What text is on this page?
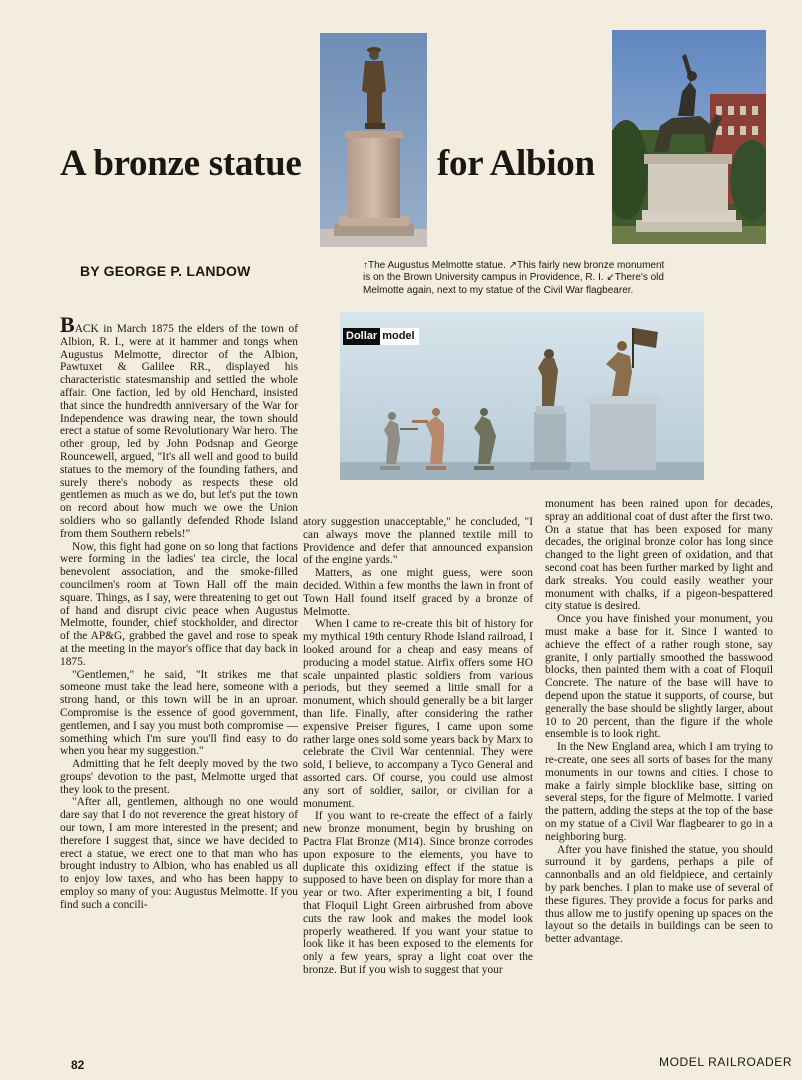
A bronze statue	for Albion

BY GEORGE P. LANDOW	↑The Augustus Melmotte statue. ↗This fairly new bronze monument

is on the Brown University campus in Providence, R. I. ↙There's old

Melmotte again, next to my statue of the Civil War flagbearer.

Dollar model

BACK in March 1875 the elders of the town of Albion, R. I., were at it hammer and tongs when Augustus Melmotte, director of the Albion, Pawtuxet & Galilee RR., displayed his characteristic statesmanship and settled the whole affair. One faction, led by old Henchard, insisted that since the hundredth anniversary of the War for Independence was drawing near, the town should erect a statue of some Revolutionary War hero. The other group, led by John Podsnap and George Rouncewell, argued, "It's all well and good to build statues to the memory of the founding fathers, and surely there's nobody as respects these old gentlemen as much as we do, but let's put the town on record about how much we owe the Union soldiers who so gallantly defended Rhode Island from them Southern rebels!"

Now, this fight had gone on so long that factions were forming in the ladies' tea circle, the local benevolent association, and the smoke-filled councilmen's room at Town Hall off the main square. Things, as I say, were threatening to get out of hand and disrupt civic peace when Augustus Melmotte, founder, chief stockholder, and director of the AP&G, grabbed the gavel and rose to speak at the meeting in the mayor's office that day back in 1875.

"Gentlemen," he said, "It strikes me that someone must take the lead here, someone with a strong hand, or this town will be in an uproar. Compromise is the essence of good government, gentlemen, and I say you must both compromise — something which I'm sure you'll find easy to do when you hear my suggestion."

Admitting that he felt deeply moved by the two groups' devotion to the past, Melmotte urged that they look to the present.

"After all, gentlemen, although no one would dare say that I do not reverence the great history of our town, I am more interested in the present; and therefore I suggest that, since we have decided to erect a statue, we erect one to that man who has brought industry to Albion, who has enabled us all to enjoy low taxes, and who has been happy to employ so many of you: Augustus Melmotte. If you find such a concili-

atory suggestion unacceptable," he concluded, "I can always move the planned textile mill to Providence and defer that announced expansion of the engine yards."

Matters, as one might guess, were soon decided. Within a few months the lawn in front of Town Hall found itself graced by a bronze of Melmotte.

When I came to re-create this bit of history for my mythical 19th century Rhode Island railroad, I looked around for a cheap and easy means of producing a model statue. Airfix offers some HO scale unpainted plastic soldiers from various periods, but they seemed a little small for a monument, which should generally be a bit larger than life. Finally, after considering the rather expensive Preiser figures, I came upon some rather large ones sold some years back by Marx to celebrate the Civil War centennial. They were sold, I believe, to accompany a Tyco General and assorted cars. Of course, you could use almost any sort of soldier, sailor, or civilian for a monument.

If you want to re-create the effect of a fairly new bronze monument, begin by brushing on Pactra Flat Bronze (M14). Since bronze corrodes upon exposure to the elements, you have to duplicate this oxidizing effect if the statue is supposed to have been on display for more than a year or two. After experimenting a bit, I found that Floquil Light Green airbrushed from above cuts the raw look and makes the model look properly weathered. If you want your statue to look like it has been exposed to the elements for only a few years, spray a light coat over the bronze. But if you wish to suggest that your

monument has been rained upon for decades, spray an additional coat of dust after the first two. On a statue that has been exposed for many decades, the original bronze color has long since changed to the light green of oxidation, and that second coat has been further marked by light and dark streaks. You could easily weather your monument with chalks, if a pigeon-bespattered city statue is desired.

Once you have finished your monument, you must make a base for it. Since I wanted to achieve the effect of a rather rough stone, say granite, I only partially smoothed the basswood blocks, then painted them with a coat of Floquil Concrete. The nature of the base will have to depend upon the statue it supports, of course, but generally the base should be slightly larger, about 10 to 20 percent, than the figure if the whole ensemble is to look right.

In the New England area, which I am trying to re-create, one sees all sorts of bases for the many monuments in our towns and cities. I chose to make a fairly simple blocklike base, sitting on several steps, for the figure of Melmotte. I varied the pattern, adding the steps at the top of the base on my statue of a Civil War flagbearer to go in a neighboring burg.

After you have finished the statue, you should surround it by gardens, perhaps a pile of cannonballs and an old fieldpiece, and certainly by park benches. I plan to make use of several of these figures. They provide a focus for parks and thus allow me to justify opening up spaces on the layout so the details in buildings can be seen to better advantage.

82	MODEL RAILROADER
